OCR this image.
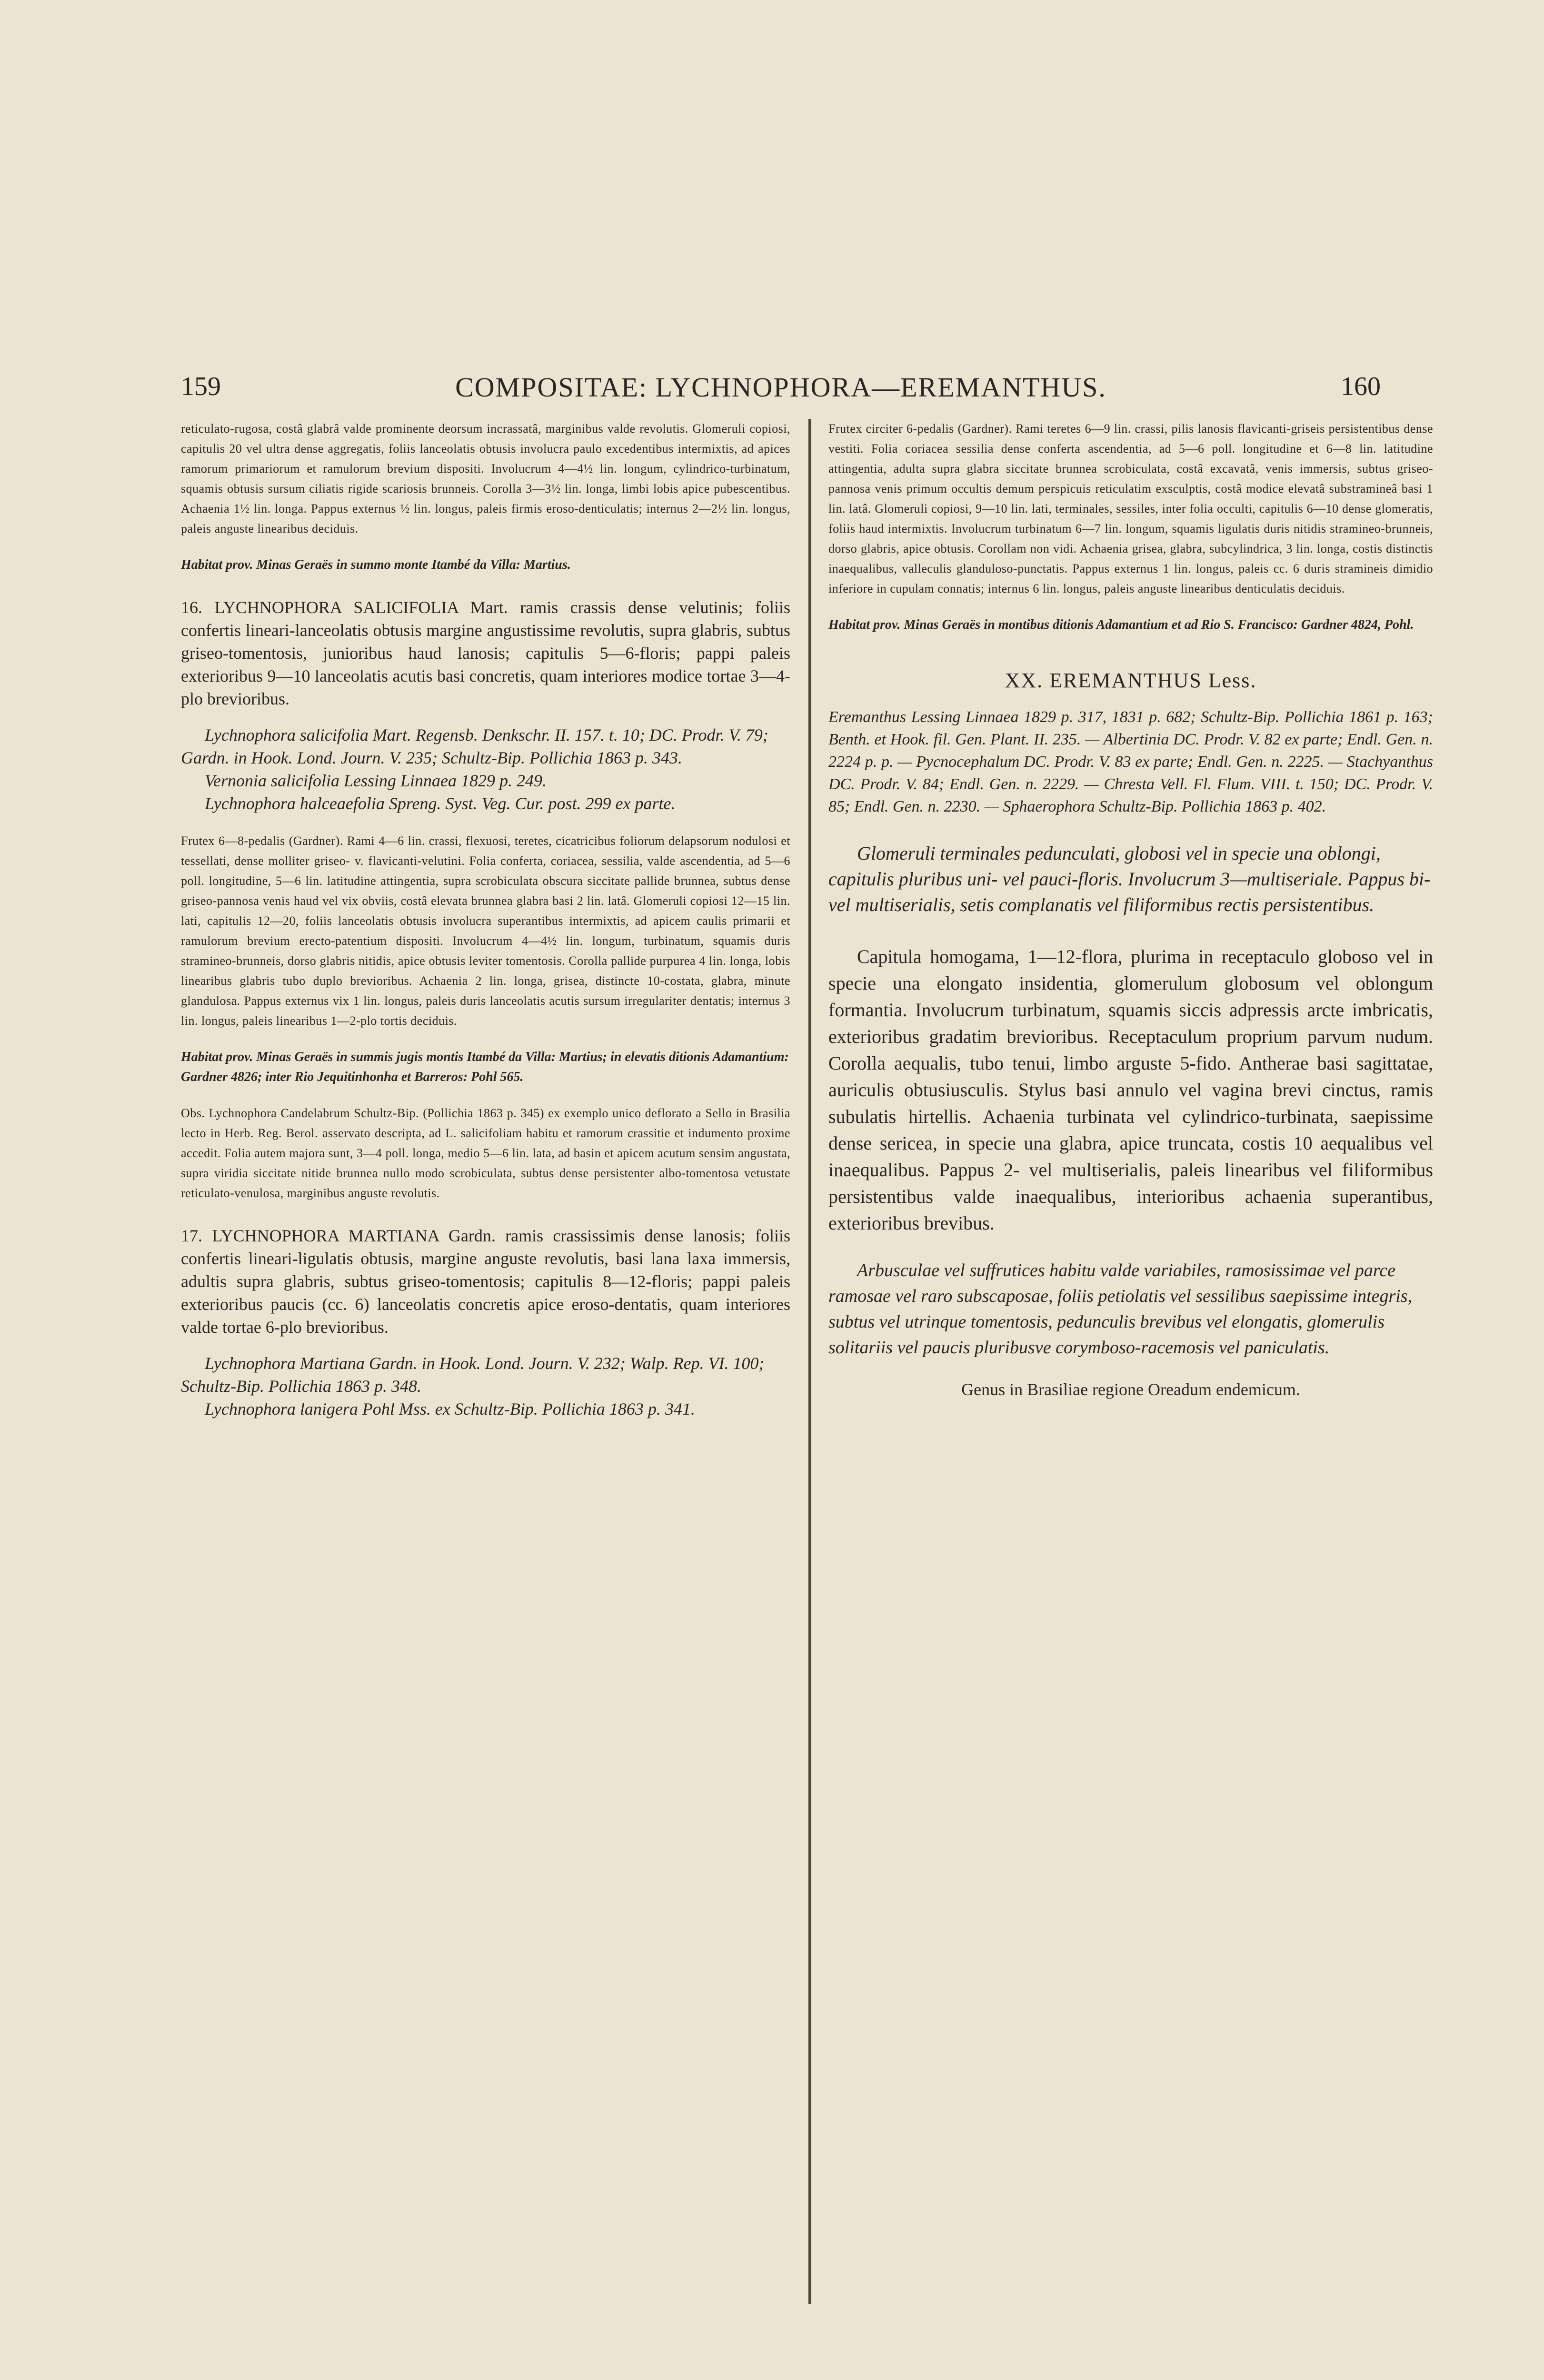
159	COMPOSITAE: LYCHNOPHORA—EREMANTHUS.	160

reticulato-rugosa, costâ glabrâ valde prominente deorsum incrassatâ, marginibus valde revolutis. Glomeruli copiosi, capitulis 20 vel ultra dense aggregatis, foliis lanceolatis obtusis involucra paulo excedentibus intermixtis, ad apices ramorum primariorum et ramulorum brevium dispositi. Involucrum 4—4½ lin. longum, cylindrico-turbinatum, squamis obtusis sursum ciliatis rigide scariosis brunneis. Corolla 3—3½ lin. longa, limbi lobis apice pubescentibus. Achaenia 1½ lin. longa. Pappus externus ½ lin. longus, paleis firmis eroso-denticulatis; internus 2—2½ lin. longus, paleis anguste linearibus deciduis.

Habitat prov. Minas Geraës in summo monte Itambé da Villa: Martius.

16. LYCHNOPHORA SALICIFOLIA Mart. ramis crassis dense velutinis; foliis confertis lineari-lanceolatis obtusis margine angustissime revolutis, supra glabris, subtus griseo-tomentosis, junioribus haud lanosis; capitulis 5—6-floris; pappi paleis exterioribus 9—10 lanceolatis acutis basi concretis, quam interiores modice tortae 3—4-plo brevioribus.

Lychnophora salicifolia Mart. Regensb. Denkschr. II. 157. t. 10; DC. Prodr. V. 79; Gardn. in Hook. Lond. Journ. V. 235; Schultz-Bip. Pollichia 1863 p. 343.
Vernonia salicifolia Lessing Linnaea 1829 p. 249.
Lychnophora halceaefolia Spreng. Syst. Veg. Cur. post. 299 ex parte.

Frutex 6—8-pedalis (Gardner). Rami 4—6 lin. crassi, flexuosi, teretes, cicatricibus foliorum delapsorum nodulosi et tessellati, dense molliter griseo- v. flavicanti-velutini. Folia conferta, coriacea, sessilia, valde ascendentia, ad 5—6 poll. longitudine, 5—6 lin. latitudine attingentia, supra scrobiculata obscura siccitate pallide brunnea, subtus dense griseo-pannosa venis haud vel vix obviis, costâ elevata brunnea glabra basi 2 lin. latâ. Glomeruli copiosi 12—15 lin. lati, capitulis 12—20, foliis lanceolatis obtusis involucra superantibus intermixtis, ad apicem caulis primarii et ramulorum brevium erecto-patentium dispositi. Involucrum 4—4½ lin. longum, turbinatum, squamis duris stramineo-brunneis, dorso glabris nitidis, apice obtusis leviter tomentosis. Corolla pallide purpurea 4 lin. longa, lobis linearibus glabris tubo duplo brevioribus. Achaenia 2 lin. longa, grisea, distincte 10-costata, glabra, minute glandulosa. Pappus externus vix 1 lin. longus, paleis duris lanceolatis acutis sursum irregulariter dentatis; internus 3 lin. longus, paleis linearibus 1—2-plo tortis deciduis.

Habitat prov. Minas Geraës in summis jugis montis Itambé da Villa: Martius; in elevatis ditionis Adamantium: Gardner 4826; inter Rio Jequitinhonha et Barreros: Pohl 565.

Obs. Lychnophora Candelabrum Schultz-Bip. (Pollichia 1863 p. 345) ex exemplo unico deflorato a Sello in Brasilia lecto in Herb. Reg. Berol. asservato descripta, ad L. salicifoliam habitu et ramorum crassitie et indumento proxime accedit. Folia autem majora sunt, 3—4 poll. longa, medio 5—6 lin. lata, ad basin et apicem acutum sensim angustata, supra viridia siccitate nitide brunnea nullo modo scrobiculata, subtus dense persistenter albo-tomentosa vetustate reticulato-venulosa, marginibus anguste revolutis.

17. LYCHNOPHORA MARTIANA Gardn. ramis crassissimis dense lanosis; foliis confertis lineari-ligulatis obtusis, margine anguste revolutis, basi lana laxa immersis, adultis supra glabris, subtus griseo-tomentosis; capitulis 8—12-floris; pappi paleis exterioribus paucis (cc. 6) lanceolatis concretis apice eroso-dentatis, quam interiores valde tortae 6-plo brevioribus.

Lychnophora Martiana Gardn. in Hook. Lond. Journ. V. 232; Walp. Rep. VI. 100; Schultz-Bip. Pollichia 1863 p. 348.
Lychnophora lanigera Pohl Mss. ex Schultz-Bip. Pollichia 1863 p. 341.

Frutex circiter 6-pedalis (Gardner). Rami teretes 6—9 lin. crassi, pilis lanosis flavicanti-griseis persistentibus dense vestiti. Folia coriacea sessilia dense conferta ascendentia, ad 5—6 poll. longitudine et 6—8 lin. latitudine attingentia, adulta supra glabra siccitate brunnea scrobiculata, costâ excavatâ, venis immersis, subtus griseo-pannosa venis primum occultis demum perspicuis reticulatim exsculptis, costâ modice elevatâ substramineâ basi 1 lin. latâ. Glomeruli copiosi, 9—10 lin. lati, terminales, sessiles, inter folia occulti, capitulis 6—10 dense glomeratis, foliis haud intermixtis. Involucrum turbinatum 6—7 lin. longum, squamis ligulatis duris nitidis stramineo-brunneis, dorso glabris, apice obtusis. Corollam non vidi. Achaenia grisea, glabra, subcylindrica, 3 lin. longa, costis distinctis inaequalibus, valleculis glanduloso-punctatis. Pappus externus 1 lin. longus, paleis cc. 6 duris stramineis dimidio inferiore in cupulam connatis; internus 6 lin. longus, paleis anguste linearibus denticulatis deciduis.

Habitat prov. Minas Geraës in montibus ditionis Adamantium et ad Rio S. Francisco: Gardner 4824, Pohl.

XX. EREMANTHUS Less.

Eremanthus Lessing Linnaea 1829 p. 317, 1831 p. 682; Schultz-Bip. Pollichia 1861 p. 163; Benth. et Hook. fil. Gen. Plant. II. 235. — Albertinia DC. Prodr. V. 82 ex parte; Endl. Gen. n. 2224 p. p. — Pycnocephalum DC. Prodr. V. 83 ex parte; Endl. Gen. n. 2225. — Stachyanthus DC. Prodr. V. 84; Endl. Gen. n. 2229. — Chresta Vell. Fl. Flum. VIII. t. 150; DC. Prodr. V. 85; Endl. Gen. n. 2230. — Sphaerophora Schultz-Bip. Pollichia 1863 p. 402.

Glomeruli terminales pedunculati, globosi vel in specie una oblongi, capitulis pluribus uni- vel pauci-floris. Involucrum 3—multiseriale. Pappus bi- vel multiserialis, setis complanatis vel filiformibus rectis persistentibus.

Capitula homogama, 1—12-flora, plurima in receptaculo globoso vel in specie una elongato insidentia, glomerulum globosum vel oblongum formantia. Involucrum turbinatum, squamis siccis adpressis arcte imbricatis, exterioribus gradatim brevioribus. Receptaculum proprium parvum nudum. Corolla aequalis, tubo tenui, limbo arguste 5-fido. Antherae basi sagittatae, auriculis obtusiusculis. Stylus basi annulo vel vagina brevi cinctus, ramis subulatis hirtellis. Achaenia turbinata vel cylindrico-turbinata, saepissime dense sericea, in specie una glabra, apice truncata, costis 10 aequalibus vel inaequalibus. Pappus 2- vel multiserialis, paleis linearibus vel filiformibus persistentibus valde inaequalibus, interioribus achaenia superantibus, exterioribus brevibus.

Arbusculae vel suffrutices habitu valde variabiles, ramosissimae vel parce ramosae vel raro subscaposae, foliis petiolatis vel sessilibus saepissime integris, subtus vel utrinque tomentosis, pedunculis brevibus vel elongatis, glomerulis solitariis vel paucis pluribusve corymboso-racemosis vel paniculatis.

Genus in Brasiliae regione Oreadum endemicum.
